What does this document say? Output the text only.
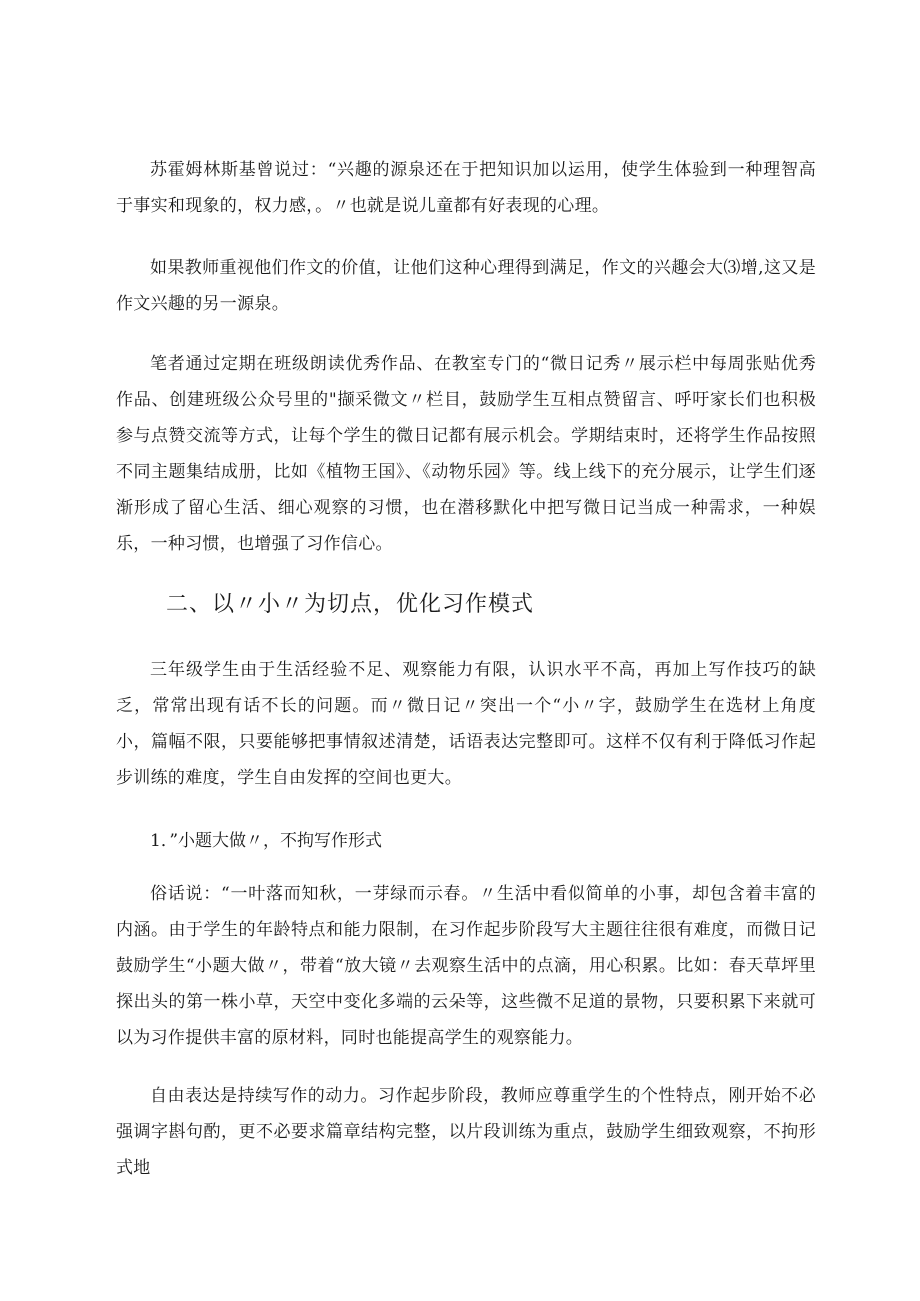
苏霍姆林斯基曾说过：“兴趣的源泉还在于把知识加以运用，使学生体验到一种理智高于事实和现象的，权力感，。〃也就是说儿童都有好表现的心理。

如果教师重视他们作文的价值，让他们这种心理得到满足，作文的兴趣会大⑶增,这又是作文兴趣的另一源泉。

笔者通过定期在班级朗读优秀作品、在教室专门的“微日记秀〃展示栏中每周张贴优秀作品、创建班级公众号里的"撷采微文〃栏目，鼓励学生互相点赞留言、呼吁家长们也积极参与点赞交流等方式，让每个学生的微日记都有展示机会。学期结束时，还将学生作品按照不同主题集结成册，比如《植物王国》、《动物乐园》等。线上线下的充分展示，让学生们逐渐形成了留心生活、细心观察的习惯，也在潜移默化中把写微日记当成一种需求，一种娱乐，一种习惯，也增强了习作信心。

二、以〃小〃为切点，优化习作模式

三年级学生由于生活经验不足、观察能力有限，认识水平不高，再加上写作技巧的缺乏，常常出现有话不长的问题。而〃微日记〃突出一个“小〃字，鼓励学生在选材上角度小，篇幅不限，只要能够把事情叙述清楚，话语表达完整即可。这样不仅有利于降低习作起步训练的难度，学生自由发挥的空间也更大。

1．”小题大做〃，不拘写作形式

俗话说：“一叶落而知秋，一芽绿而示春。〃生活中看似简单的小事，却包含着丰富的内涵。由于学生的年龄特点和能力限制，在习作起步阶段写大主题往往很有难度，而微日记鼓励学生“小题大做〃，带着“放大镜〃去观察生活中的点滴，用心积累。比如：春天草坪里探出头的第一株小草，天空中变化多端的云朵等，这些微不足道的景物，只要积累下来就可以为习作提供丰富的原材料，同时也能提高学生的观察能力。

自由表达是持续写作的动力。习作起步阶段，教师应尊重学生的个性特点，刚开始不必强调字斟句酌，更不必要求篇章结构完整，以片段训练为重点，鼓励学生细致观察，不拘形式地
